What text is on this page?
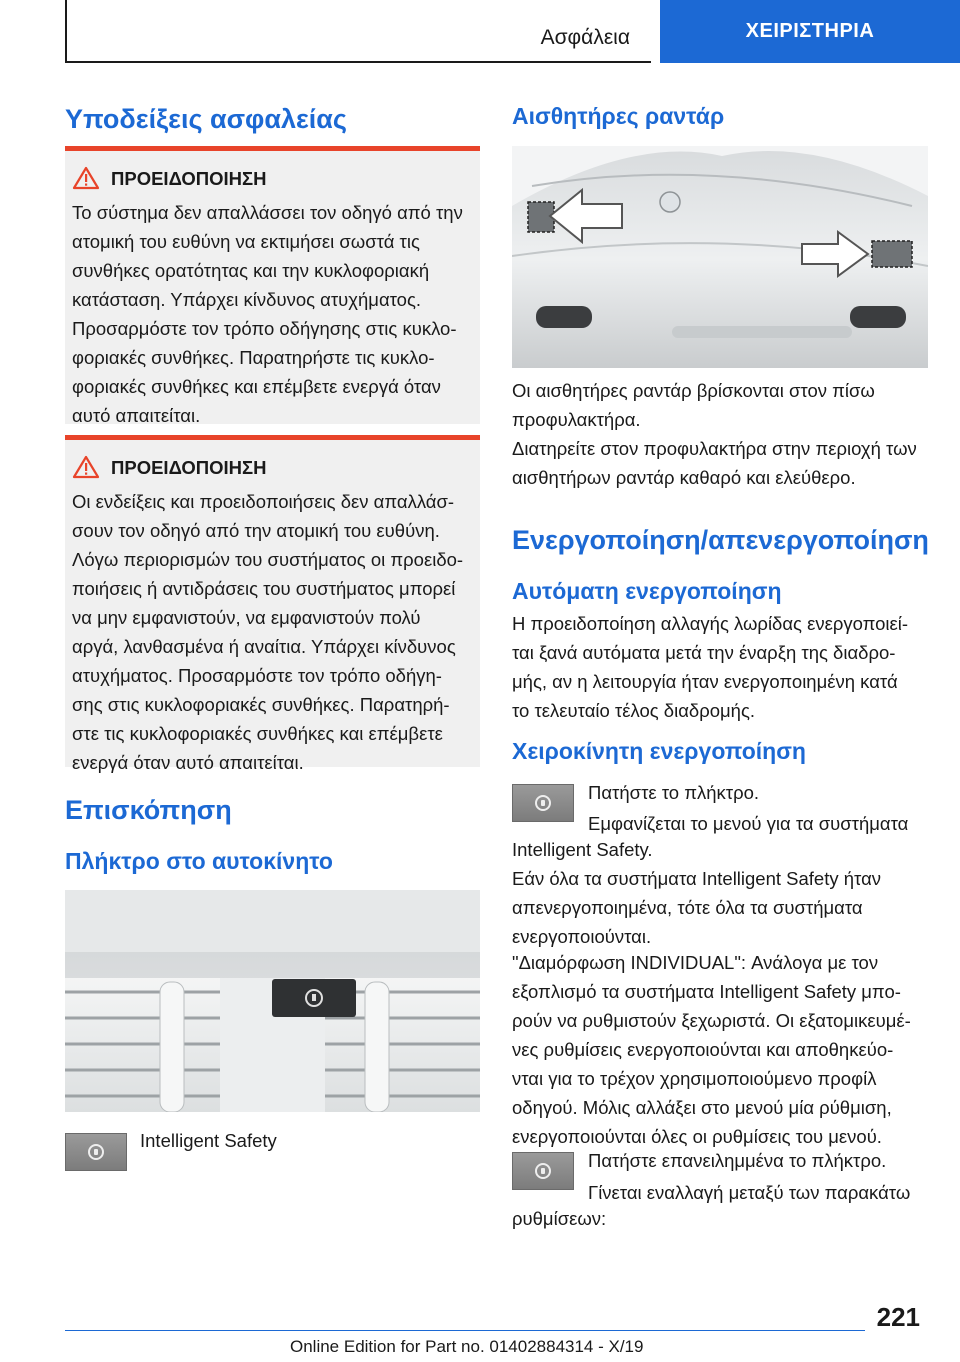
Ασφάλεια	ΧΕΙΡΙΣΤΗΡΙΑ
Υποδείξεις ασφαλείας
ΠΡΟΕΙΔΟΠΟΙΗΣΗ
Το σύστημα δεν απαλλάσσει τον οδηγό από την
ατομική του ευθύνη να εκτιμήσει σωστά τις
συνθήκες ορατότητας και την κυκλοφοριακή
κατάσταση. Υπάρχει κίνδυνος ατυχήματος.
Προσαρμόστε τον τρόπο οδήγησης στις κυκλο-
φοριακές συνθήκες. Παρατηρήστε τις κυκλο-
φοριακές συνθήκες και επέμβετε ενεργά όταν
αυτό απαιτείται.
ΠΡΟΕΙΔΟΠΟΙΗΣΗ
Οι ενδείξεις και προειδοποιήσεις δεν απαλλάσ-
σουν τον οδηγό από την ατομική του ευθύνη.
Λόγω περιορισμών του συστήματος οι προειδο-
ποιήσεις ή αντιδράσεις του συστήματος μπορεί
να μην εμφανιστούν, να εμφανιστούν πολύ
αργά, λανθασμένα ή αναίτια. Υπάρχει κίνδυνος
ατυχήματος. Προσαρμόστε τον τρόπο οδήγη-
σης στις κυκλοφοριακές συνθήκες. Παρατηρή-
στε τις κυκλοφοριακές συνθήκες και επέμβετε
ενεργά όταν αυτό απαιτείται.
Επισκόπηση
Πλήκτρο στο αυτοκίνητο
Intelligent Safety
Αισθητήρες ραντάρ
Οι αισθητήρες ραντάρ βρίσκονται στον πίσω
προφυλακτήρα.
Διατηρείτε στον προφυλακτήρα στην περιοχή των
αισθητήρων ραντάρ καθαρό και ελεύθερο.
Ενεργοποίηση/απενεργοποίηση
Αυτόματη ενεργοποίηση
Η προειδοποίηση αλλαγής λωρίδας ενεργοποιεί-
ται ξανά αυτόματα μετά την έναρξη της διαδρο-
μής, αν η λειτουργία ήταν ενεργοποιημένη κατά
το τελευταίο τέλος διαδρομής.
Χειροκίνητη ενεργοποίηση
Πατήστε το πλήκτρο.
Εμφανίζεται το μενού για τα συστήματα
Intelligent Safety.
Εάν όλα τα συστήματα Intelligent Safety ήταν
απενεργοποιημένα, τότε όλα τα συστήματα
ενεργοποιούνται.
"Διαμόρφωση INDIVIDUAL": Ανάλογα με τον
εξοπλισμό τα συστήματα Intelligent Safety μπο-
ρούν να ρυθμιστούν ξεχωριστά. Οι εξατομικευμέ-
νες ρυθμίσεις ενεργοποιούνται και αποθηκεύο-
νται για το τρέχον χρησιμοποιούμενο προφίλ
οδηγού. Μόλις αλλάξει στο μενού μία ρύθμιση,
ενεργοποιούνται όλες οι ρυθμίσεις του μενού.
Πατήστε επανειλημμένα το πλήκτρο.
Γίνεται εναλλαγή μεταξύ των παρακάτω
ρυθμίσεων:
221
Online Edition for Part no. 01402884314 - X/19
